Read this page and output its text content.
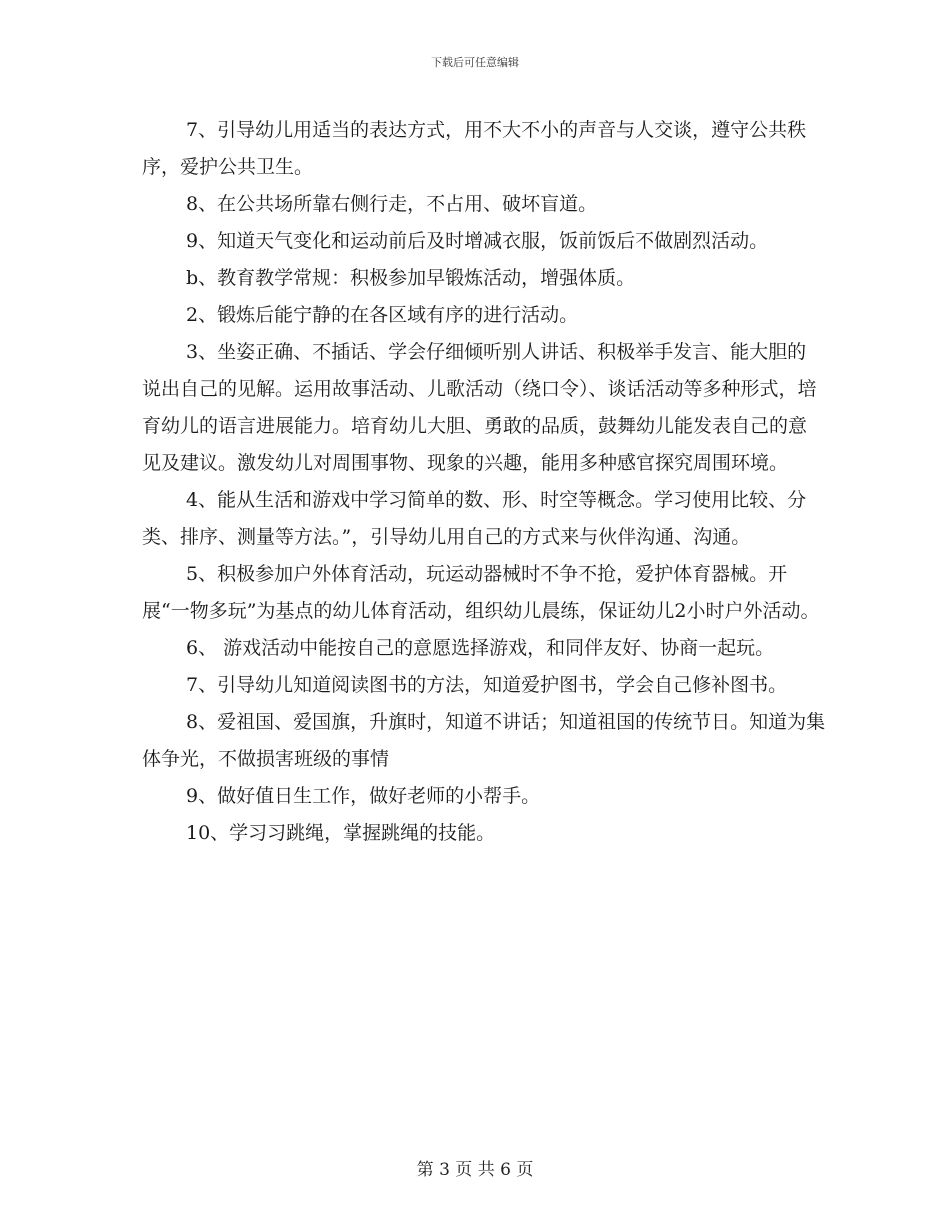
下载后可任意编辑

7、引导幼儿用适当的表达方式，用不大不小的声音与人交谈，遵守公共秩序，爱护公共卫生。

8、在公共场所靠右侧行走，不占用、破坏盲道。

9、知道天气变化和运动前后及时增减衣服，饭前饭后不做剧烈活动。

b、教育教学常规：积极参加早锻炼活动，增强体质。

2、锻炼后能宁静的在各区域有序的进行活动。

3、坐姿正确、不插话、学会仔细倾听别人讲话、积极举手发言、能大胆的说出自己的见解。运用故事活动、儿歌活动（绕口令）、谈话活动等多种形式，培育幼儿的语言进展能力。培育幼儿大胆、勇敢的品质，鼓舞幼儿能发表自己的意见及建议。激发幼儿对周围事物、现象的兴趣，能用多种感官探究周围环境。

4、能从生活和游戏中学习简单的数、形、时空等概念。学习使用比较、分类、排序、测量等方法。”，引导幼儿用自己的方式来与伙伴沟通、沟通。

5、积极参加户外体育活动，玩运动器械时不争不抢，爱护体育器械。开展“一物多玩”为基点的幼儿体育活动，组织幼儿晨练，保证幼儿2小时户外活动。

6、 游戏活动中能按自己的意愿选择游戏，和同伴友好、协商一起玩。

7、引导幼儿知道阅读图书的方法，知道爱护图书，学会自己修补图书。

8、爱祖国、爱国旗，升旗时，知道不讲话；知道祖国的传统节日。知道为集体争光，不做损害班级的事情

9、做好值日生工作，做好老师的小帮手。

10、学习习跳绳，掌握跳绳的技能。

第 3 页 共 6 页
